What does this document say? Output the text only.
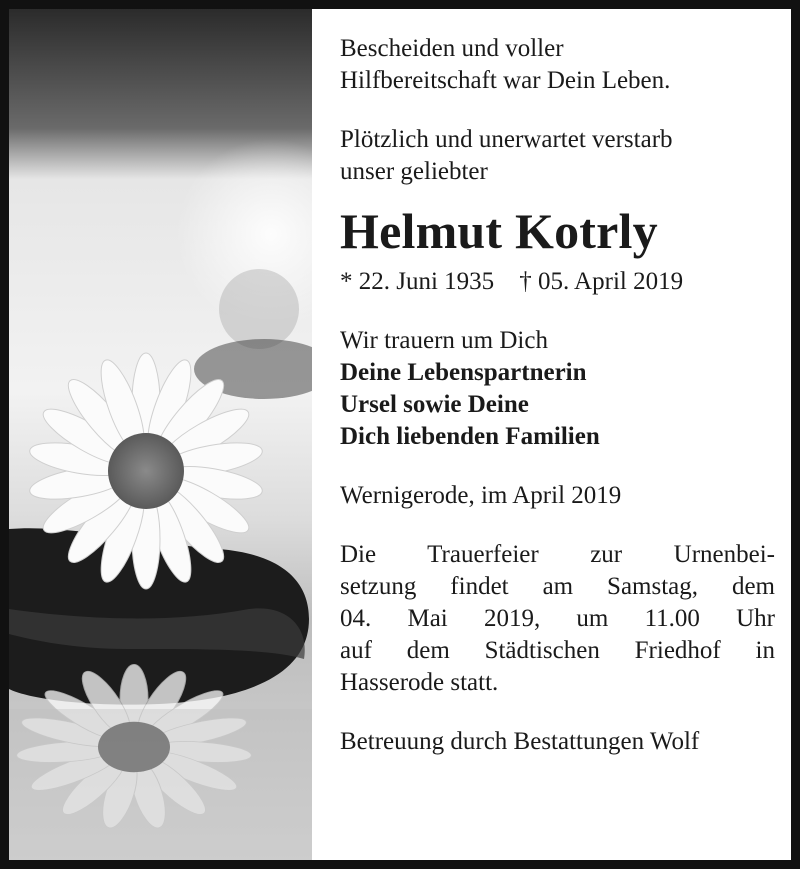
Bescheiden und voller

Hilfbereitschaft war Dein Leben.

Plötzlich und unerwartet verstarb

unser geliebter

Helmut Kotrly

* 22. Juni 1935 † 05. April 2019

Wir trauern um Dich

Deine Lebenspartnerin

Ursel sowie Deine

Dich liebenden Familien

Wernigerode, im April 2019

Die Trauerfeier zur Urnenbei-
setzung findet am Samstag, dem
04. Mai 2019, um 11.00 Uhr
auf dem Städtischen Friedhof in
Hasserode statt.

Betreuung durch Bestattungen Wolf
